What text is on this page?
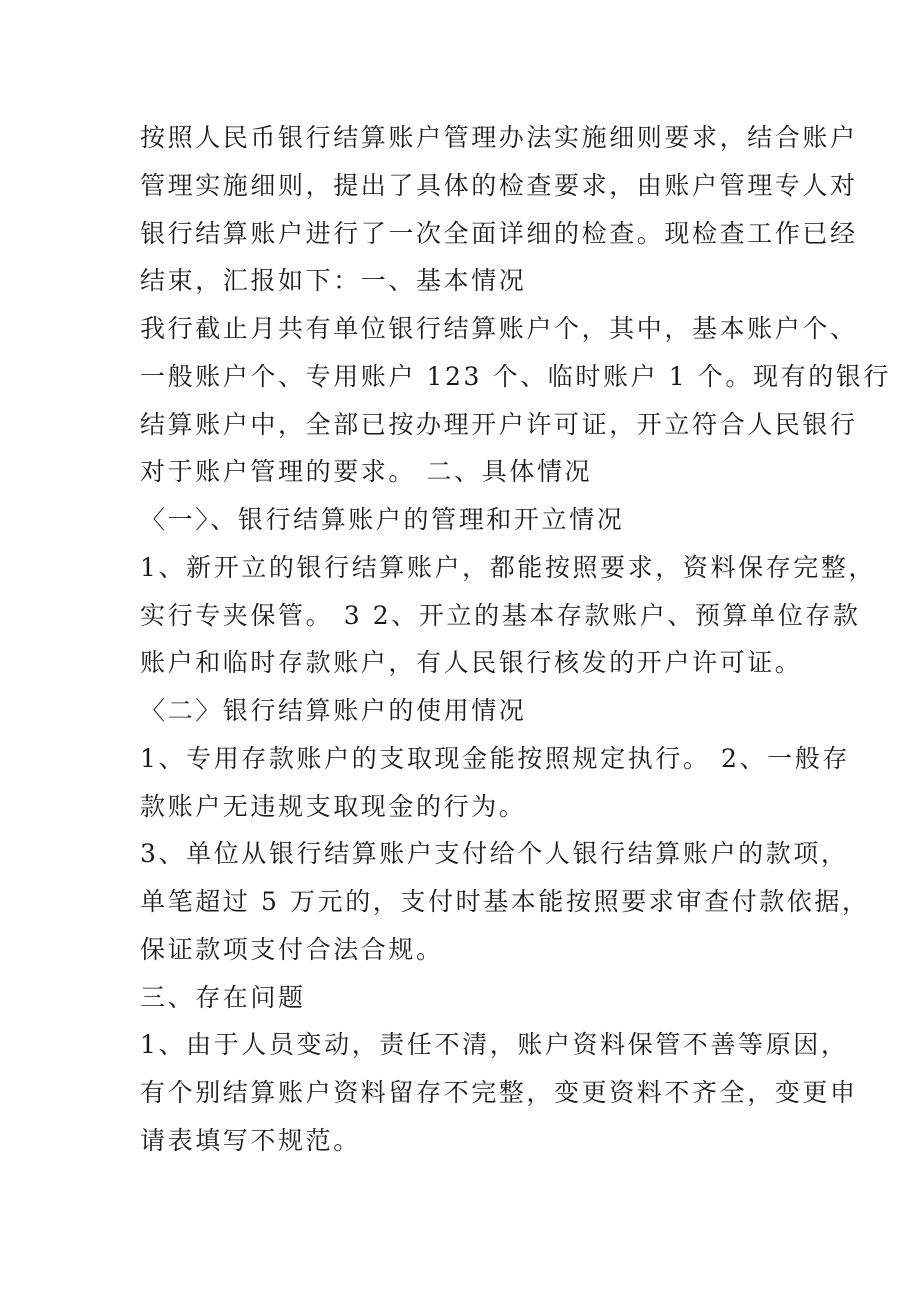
按照人民币银行结算账户管理办法实施细则要求，结合账户
管理实施细则，提出了具体的检查要求，由账户管理专人对
银行结算账户进行了一次全面详细的检查。现检查工作已经
结束，汇报如下：一、基本情况
我行截止月共有单位银行结算账户个，其中，基本账户个、
一般账户个、专用账户 123 个、临时账户 1 个。现有的银行
结算账户中，全部已按办理开户许可证，开立符合人民银行
对于账户管理的要求。 二、具体情况
〈一〉、银行结算账户的管理和开立情况
1、新开立的银行结算账户，都能按照要求，资料保存完整，
实行专夹保管。 3 2、开立的基本存款账户、预算单位存款
账户和临时存款账户，有人民银行核发的开户许可证。
〈二〉银行结算账户的使用情况
1、专用存款账户的支取现金能按照规定执行。 2、一般存
款账户无违规支取现金的行为。
3、单位从银行结算账户支付给个人银行结算账户的款项，
单笔超过 5 万元的，支付时基本能按照要求审查付款依据，
保证款项支付合法合规。
三、存在问题
1、由于人员变动，责任不清，账户资料保管不善等原因，
有个别结算账户资料留存不完整，变更资料不齐全，变更申
请表填写不规范。
